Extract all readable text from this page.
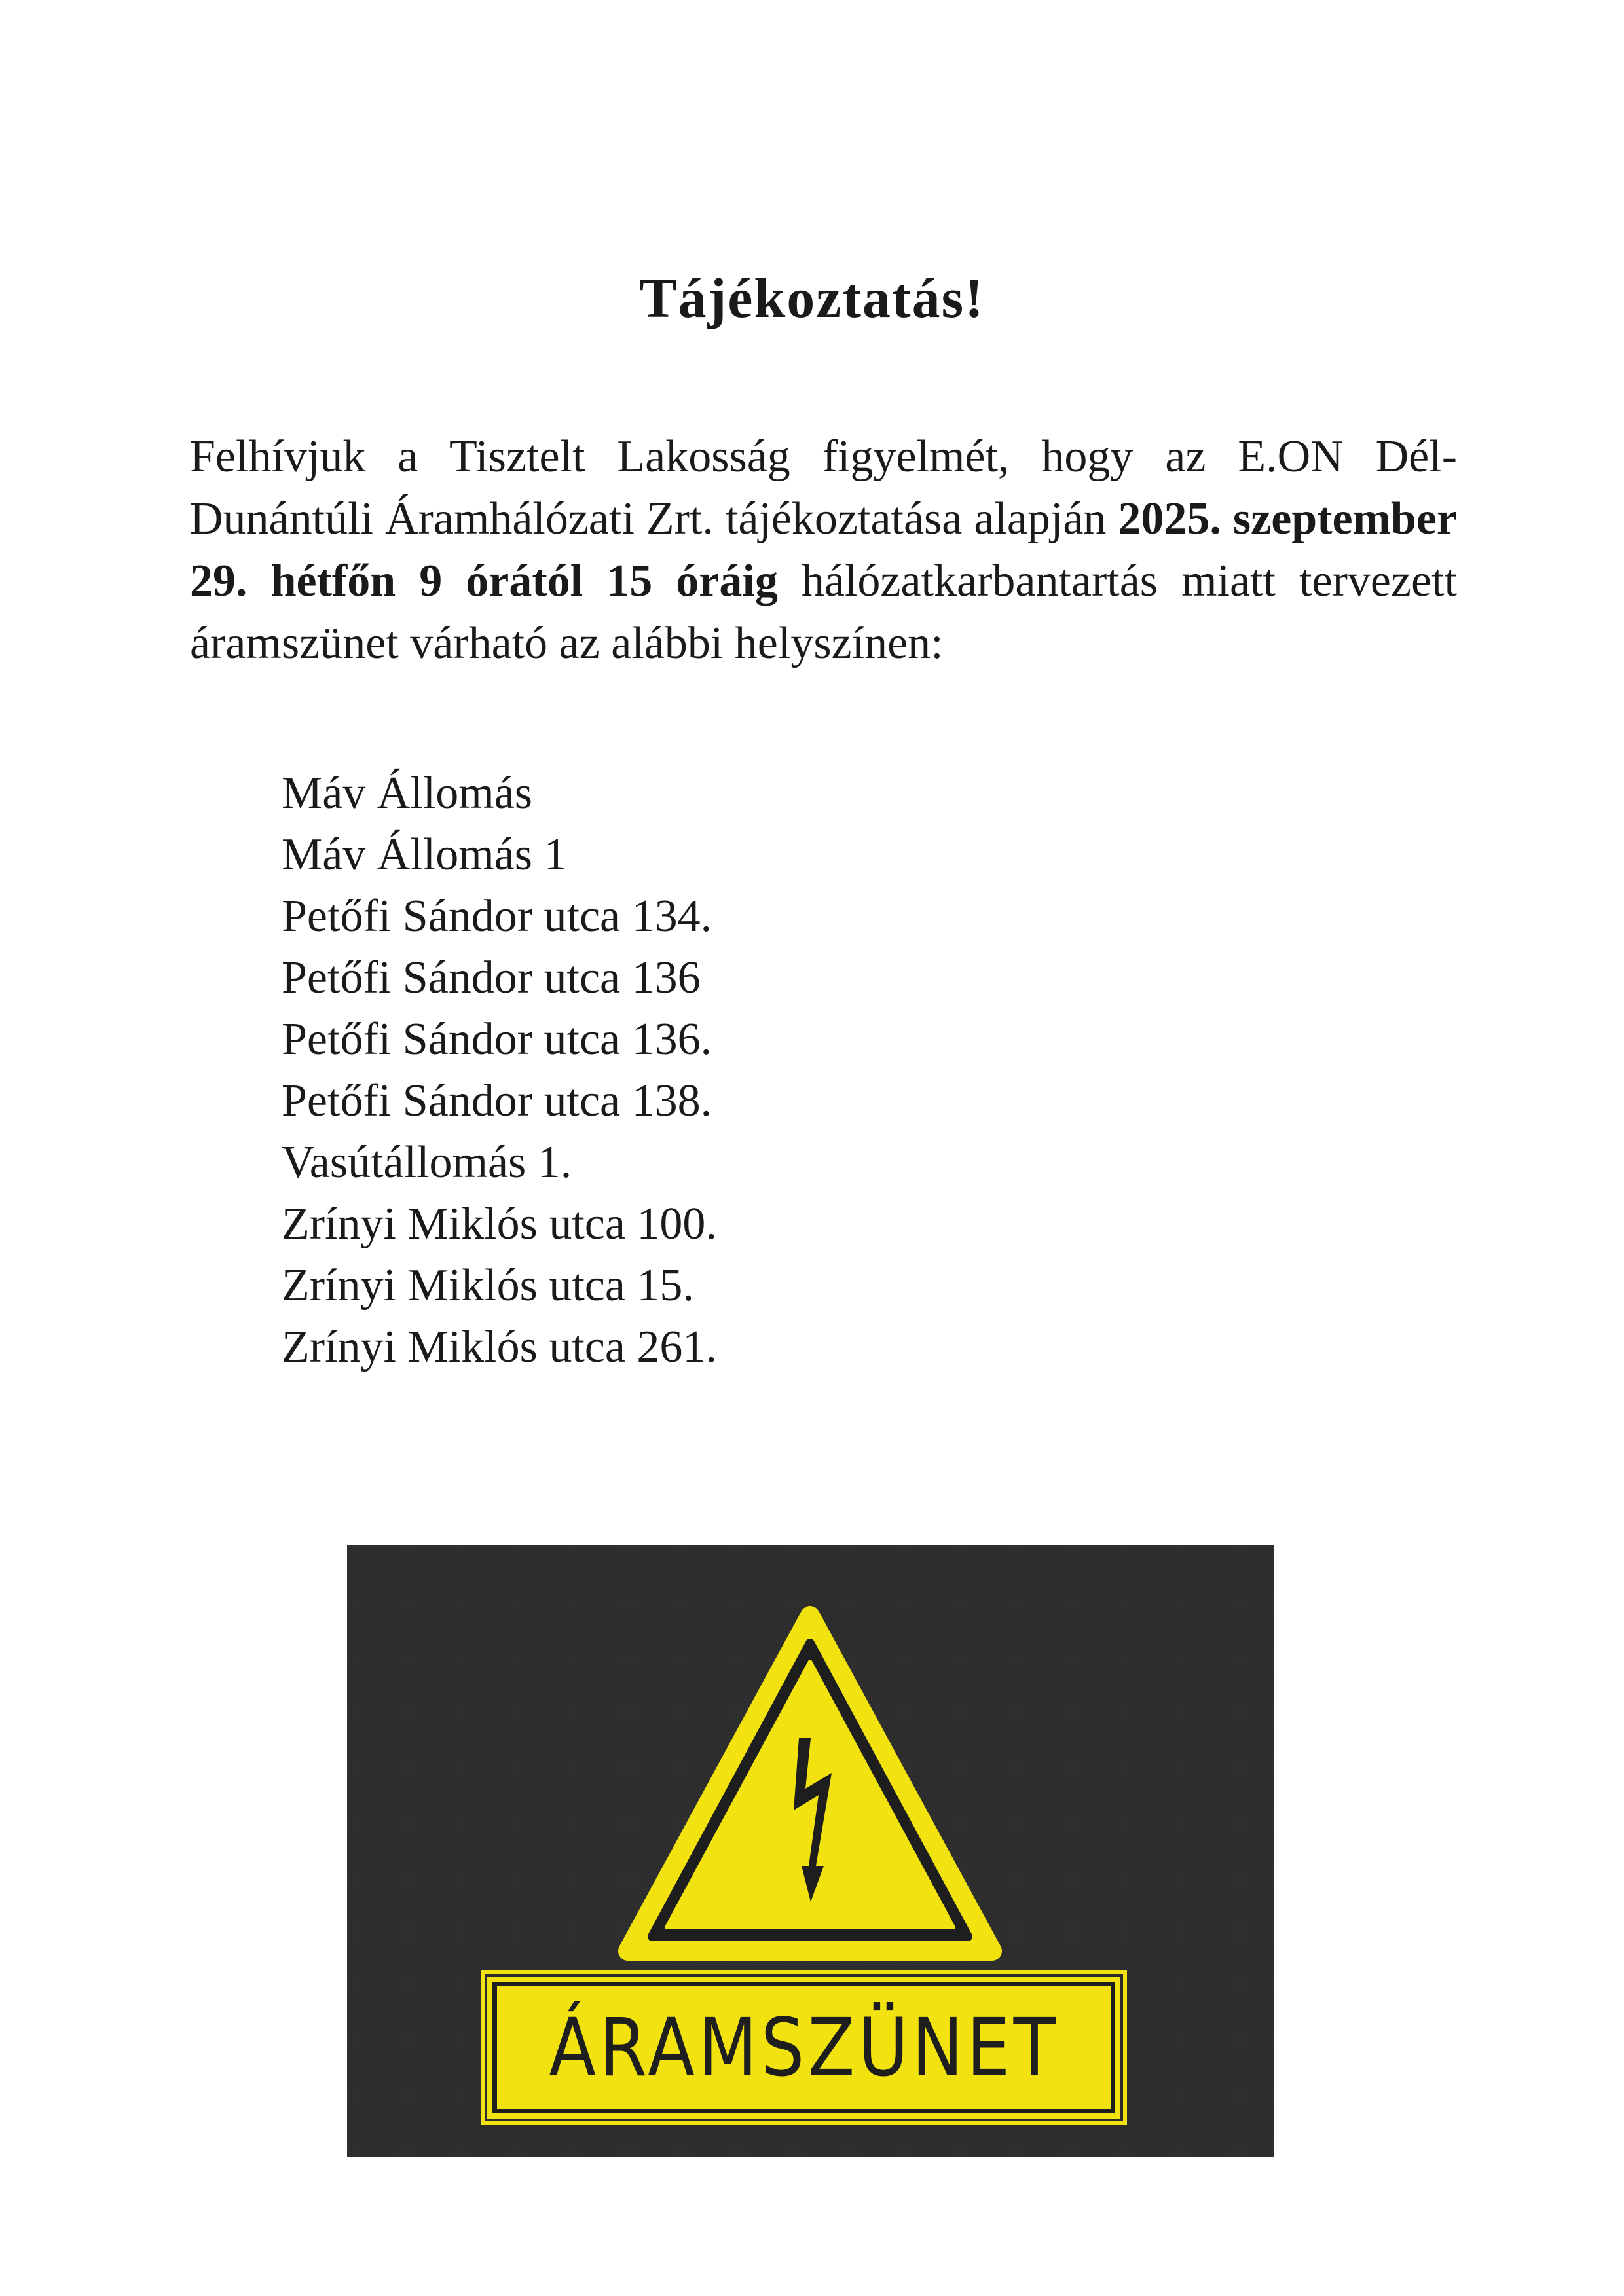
Tájékoztatás!

Felhívjuk a Tisztelt Lakosság figyelmét, hogy az E.ON Dél-Dunántúli Áramhálózati Zrt. tájékoztatása alapján 2025. szeptember 29. hétfőn 9 órától 15 óráig hálózatkarbantartás miatt tervezett áramszünet várható az alábbi helyszínen:

Máv Állomás
Máv Állomás 1
Petőfi Sándor utca 134.
Petőfi Sándor utca 136
Petőfi Sándor utca 136.
Petőfi Sándor utca 138.
Vasútállomás 1.
Zrínyi Miklós utca 100.
Zrínyi Miklós utca 15.
Zrínyi Miklós utca 261.
ÁRAMSZÜNET
